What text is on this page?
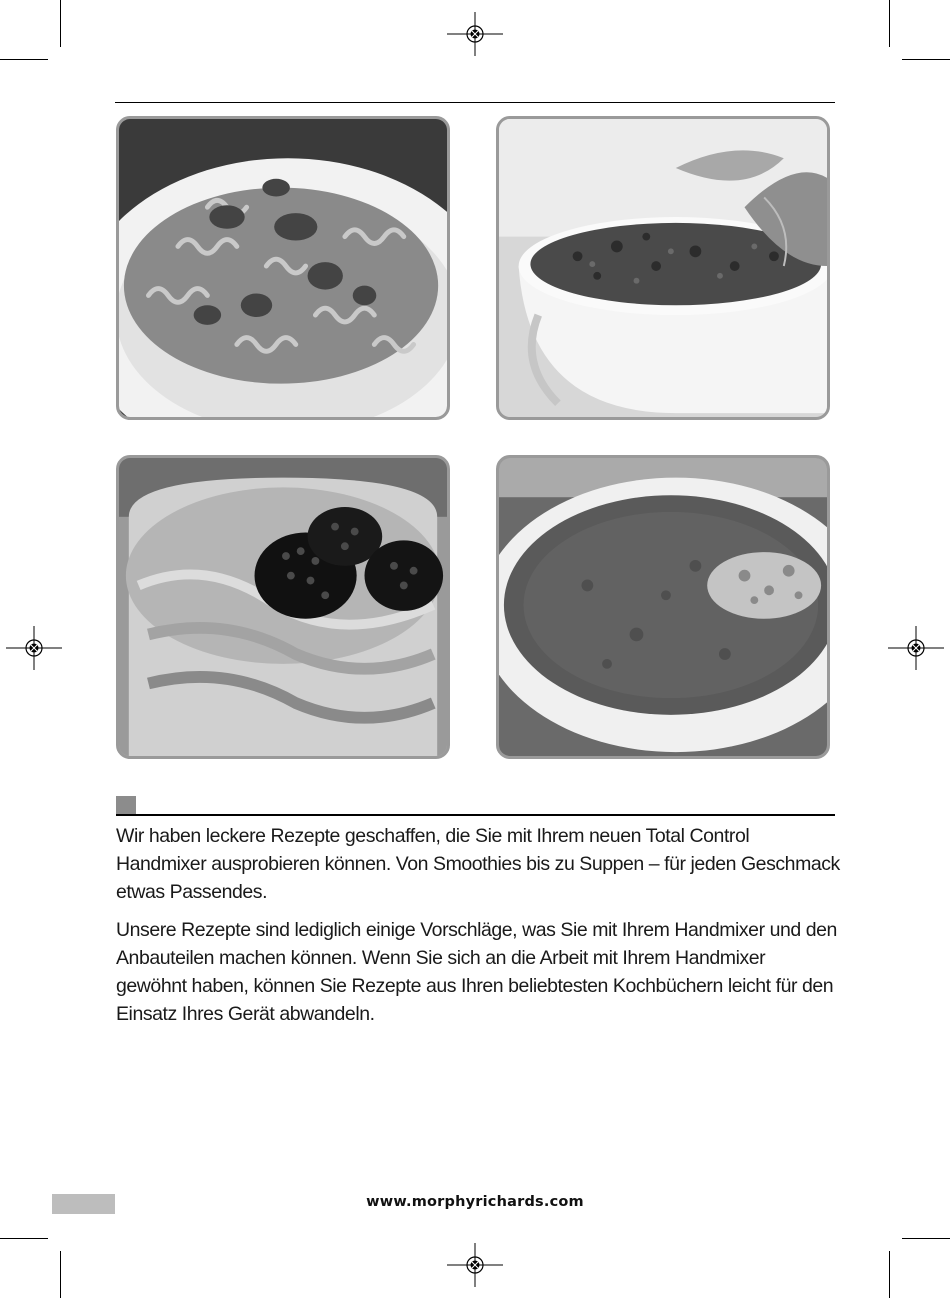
Wir haben leckere Rezepte geschaffen, die Sie mit Ihrem neuen Total Control Handmixer ausprobieren können. Von Smoothies bis zu Suppen – für jeden Geschmack etwas Passendes.

Unsere Rezepte sind lediglich einige Vorschläge, was Sie mit Ihrem Handmixer und den Anbauteilen machen können. Wenn Sie sich an die Arbeit mit Ihrem Handmixer gewöhnt haben, können Sie Rezepte aus Ihren beliebtesten Kochbüchern leicht für den Einsatz Ihres Gerät abwandeln.

www.morphyrichards.com
